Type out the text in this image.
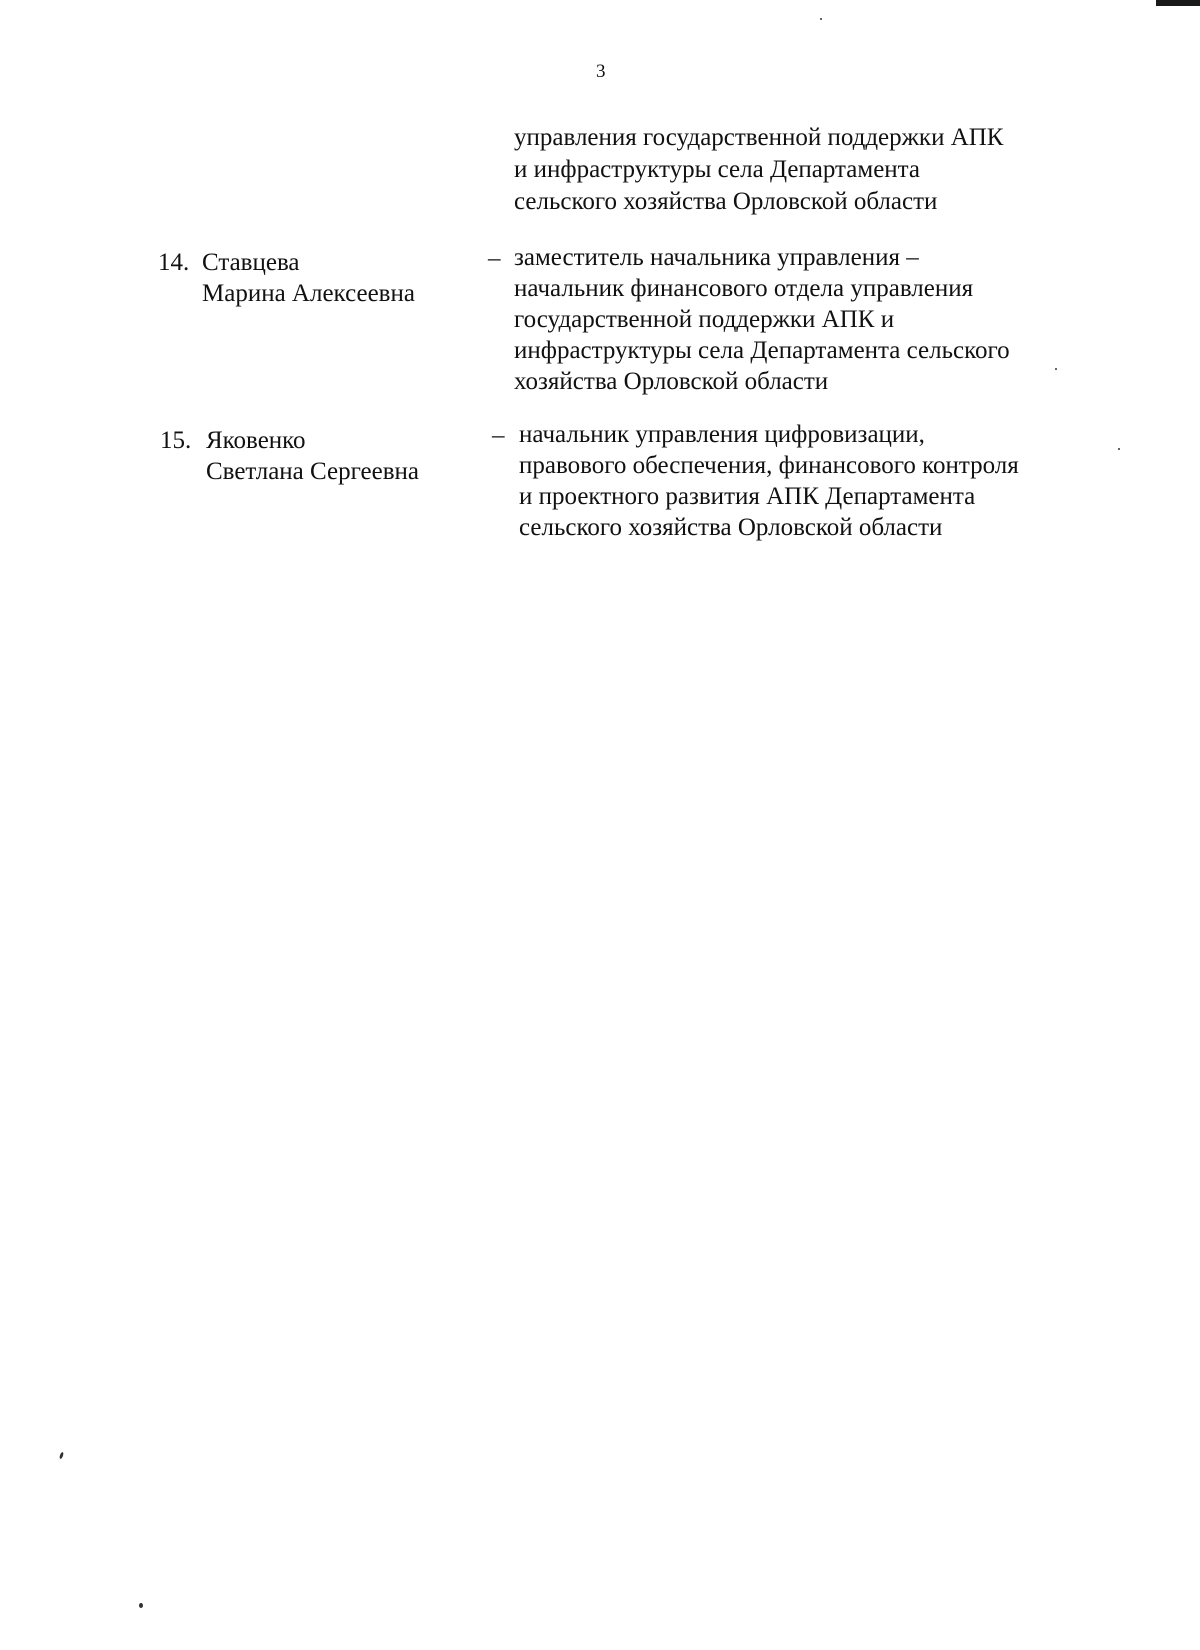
3
управления государственной поддержки АПК
и инфраструктуры села Департамента
сельского хозяйства Орловской области
14. Ставцева
Марина Алексеевна
– заместитель начальника управления –
начальник финансового отдела управления
государственной поддержки АПК и
инфраструктуры села Департамента сельского
хозяйства Орловской области
15. Яковенко
Светлана Сергеевна
– начальник управления цифровизации,
правового обеспечения, финансового контроля
и проектного развития АПК Департамента
сельского хозяйства Орловской области
